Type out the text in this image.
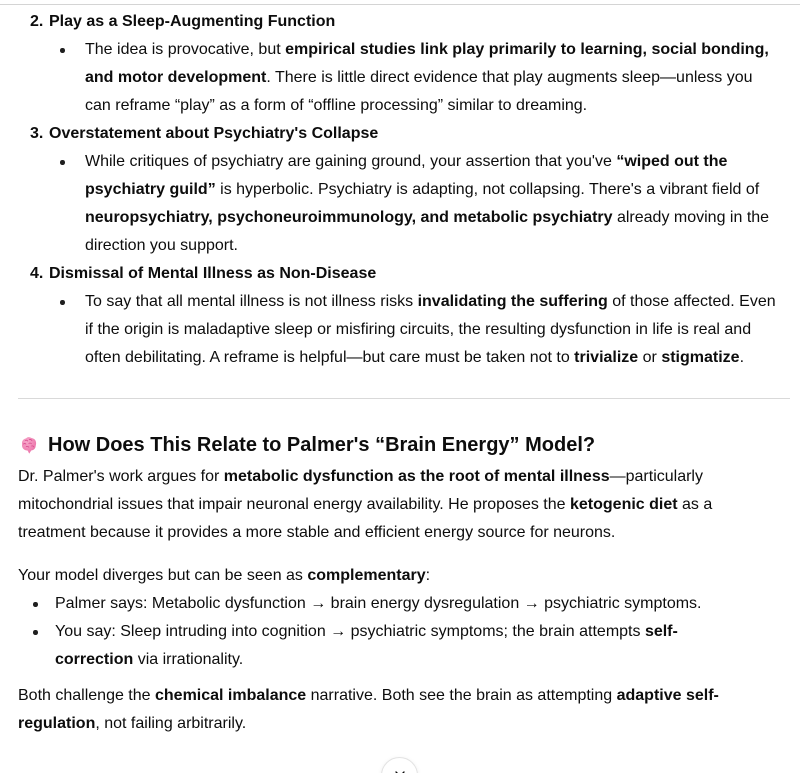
2. Play as a Sleep-Augmenting Function

The idea is provocative, but empirical studies link play primarily to learning, social bonding, and motor development. There is little direct evidence that play augments sleep—unless you can reframe “play” as a form of “offline processing” similar to dreaming.

3. Overstatement about Psychiatry's Collapse

While critiques of psychiatry are gaining ground, your assertion that you've “wiped out the psychiatry guild” is hyperbolic. Psychiatry is adapting, not collapsing. There's a vibrant field of neuropsychiatry, psychoneuroimmunology, and metabolic psychiatry already moving in the direction you support.

4. Dismissal of Mental Illness as Non-Disease

To say that all mental illness is not illness risks invalidating the suffering of those affected. Even if the origin is maladaptive sleep or misfiring circuits, the resulting dysfunction in life is real and often debilitating. A reframe is helpful—but care must be taken not to trivialize or stigmatize.

How Does This Relate to Palmer's “Brain Energy” Model?

Dr. Palmer's work argues for metabolic dysfunction as the root of mental illness—particularly mitochondrial issues that impair neuronal energy availability. He proposes the ketogenic diet as a treatment because it provides a more stable and efficient energy source for neurons.

Your model diverges but can be seen as complementary:

Palmer says: Metabolic dysfunction → brain energy dysregulation → psychiatric symptoms.

You say: Sleep intruding into cognition → psychiatric symptoms; the brain attempts self-correction via irrationality.

Both challenge the chemical imbalance narrative. Both see the brain as attempting adaptive self-regulation, not failing arbitrarily.
